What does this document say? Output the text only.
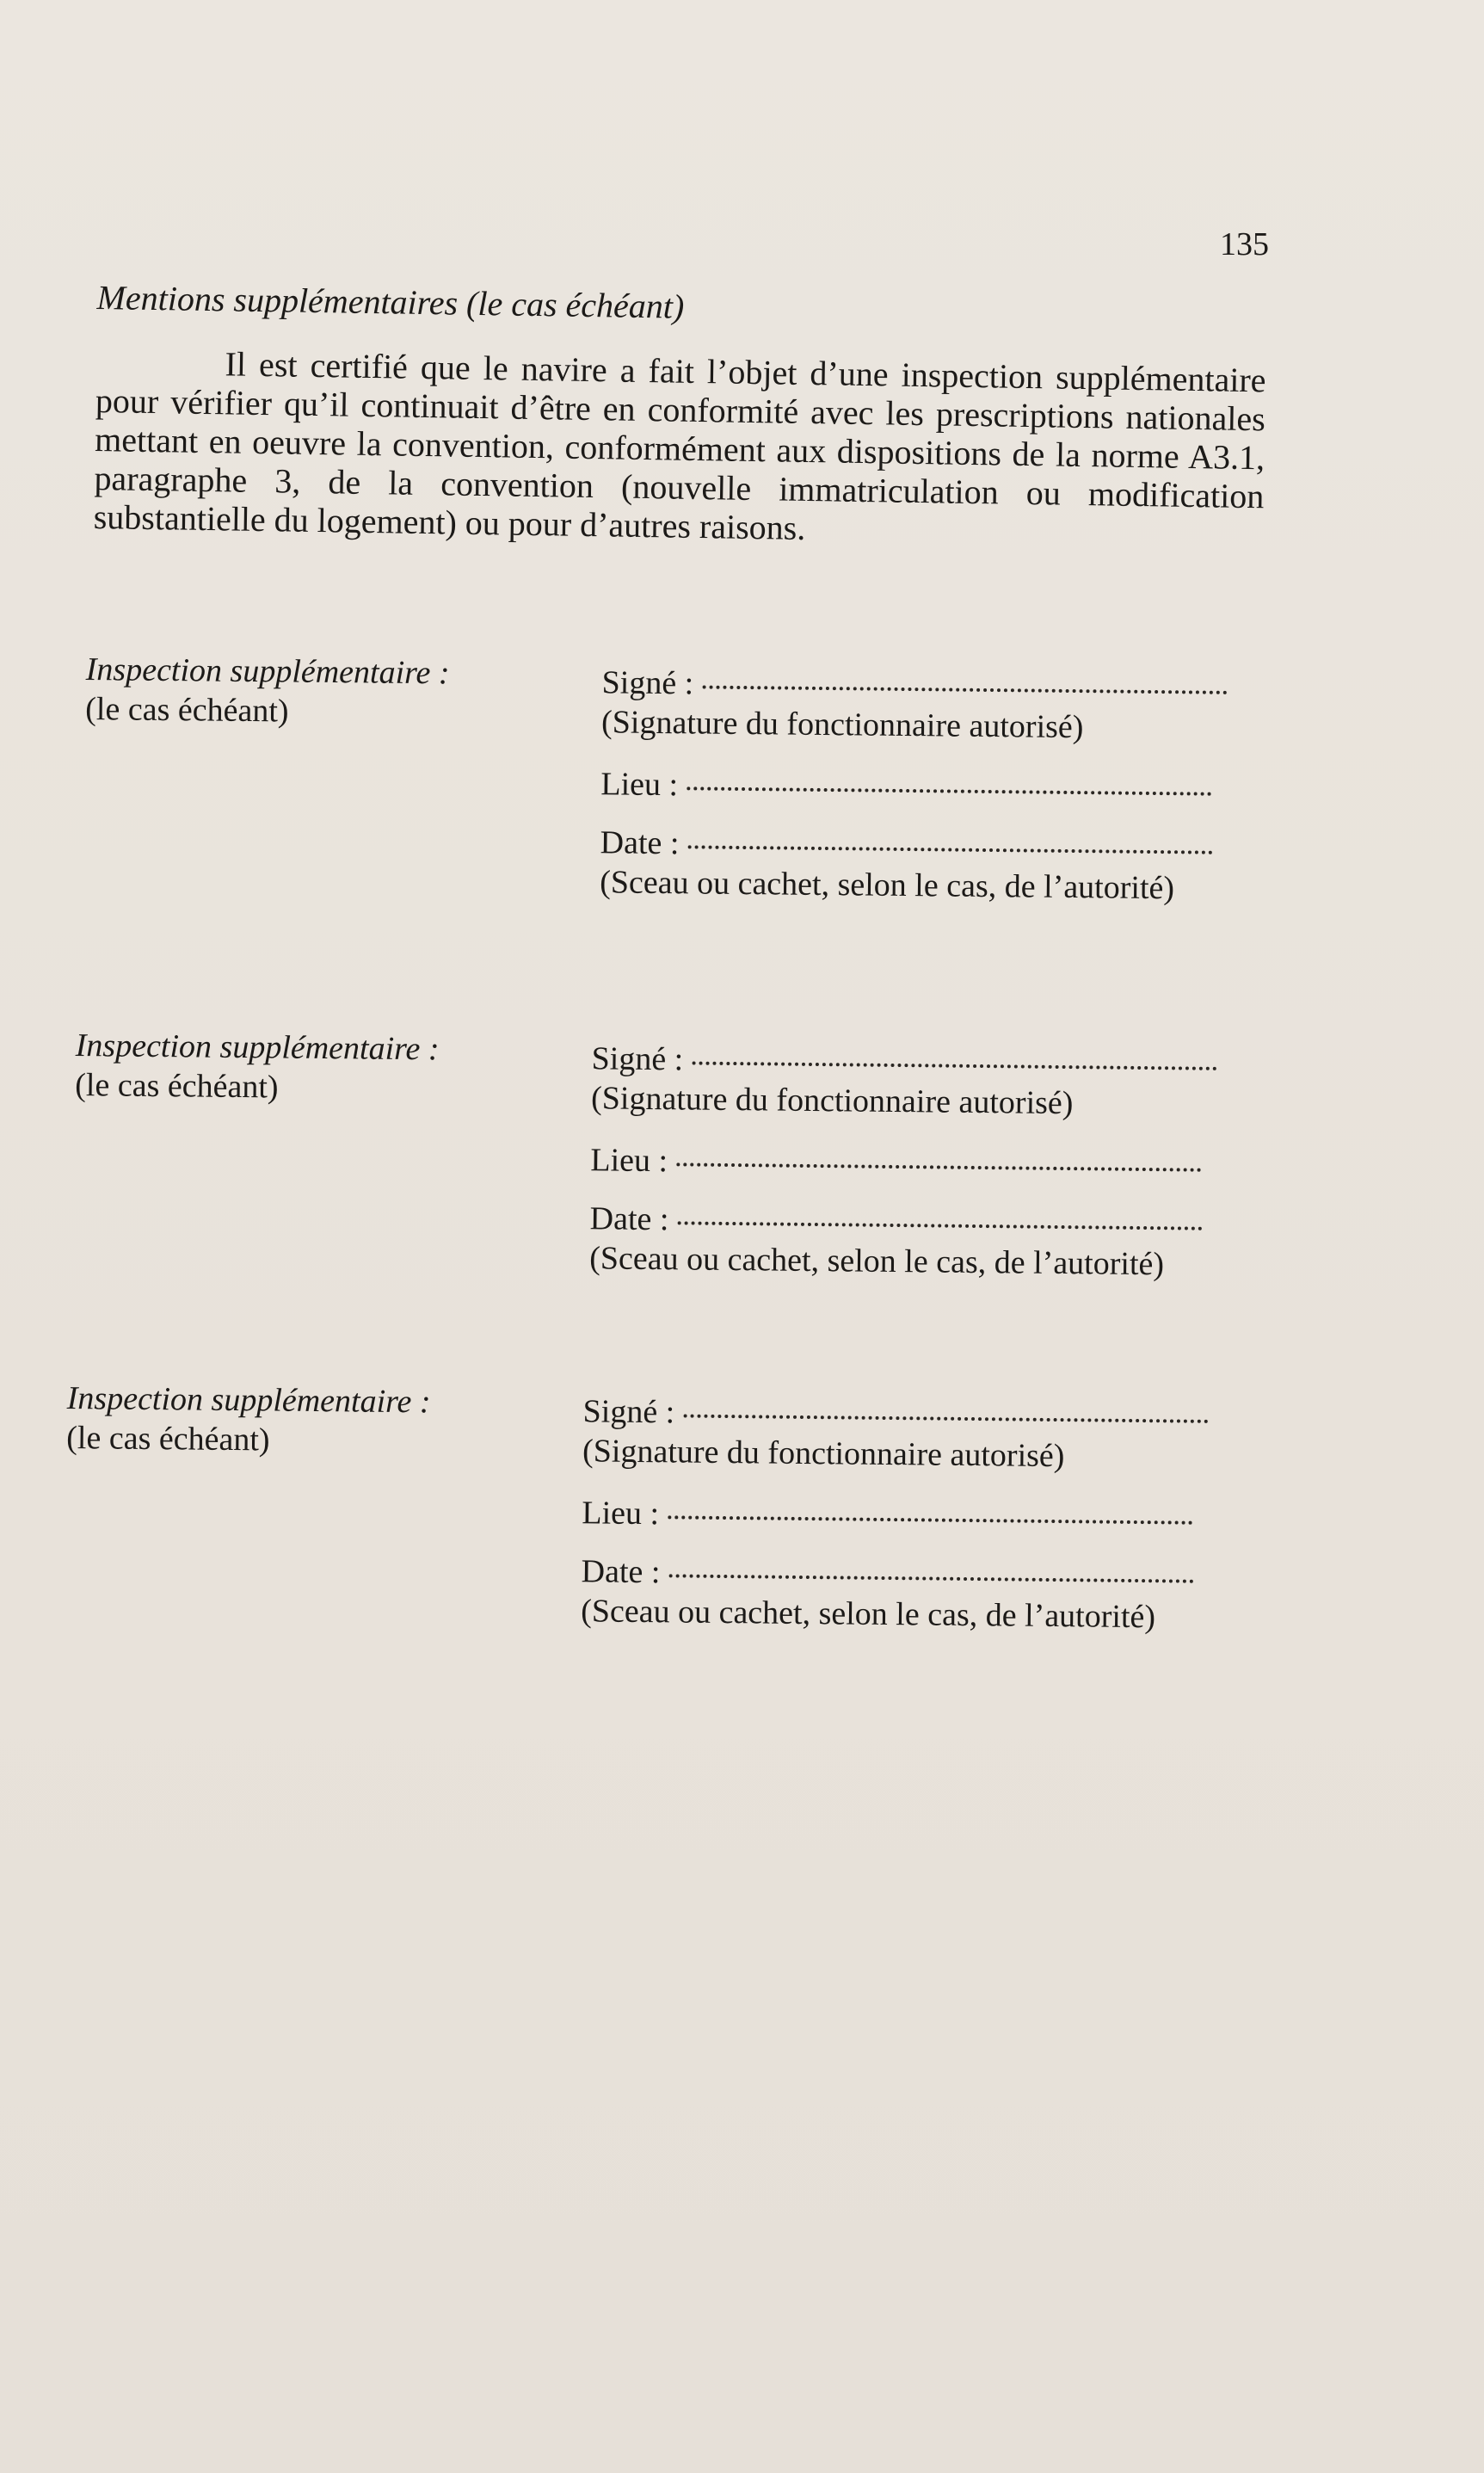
135
Mentions supplémentaires (le cas échéant)

Il est certifié que le navire a fait l’objet d’une inspection supplémentaire pour vérifier qu’il continuait d’être en conformité avec les prescriptions nationales mettant en oeuvre la convention, conformément aux dispositions de la norme A3.1, paragraphe 3, de la convention (nouvelle immatriculation ou modification substantielle du logement) ou pour d’autres raisons.

Inspection supplémentaire :
(le cas échéant)
Signé :
(Signature du fonctionnaire autorisé)
Lieu :
Date :
(Sceau ou cachet, selon le cas, de l’autorité)
Inspection supplémentaire :
(le cas échéant)
Signé :
(Signature du fonctionnaire autorisé)
Lieu :
Date :
(Sceau ou cachet, selon le cas, de l’autorité)
Inspection supplémentaire :
(le cas échéant)
Signé :
(Signature du fonctionnaire autorisé)
Lieu :
Date :
(Sceau ou cachet, selon le cas, de l’autorité)
